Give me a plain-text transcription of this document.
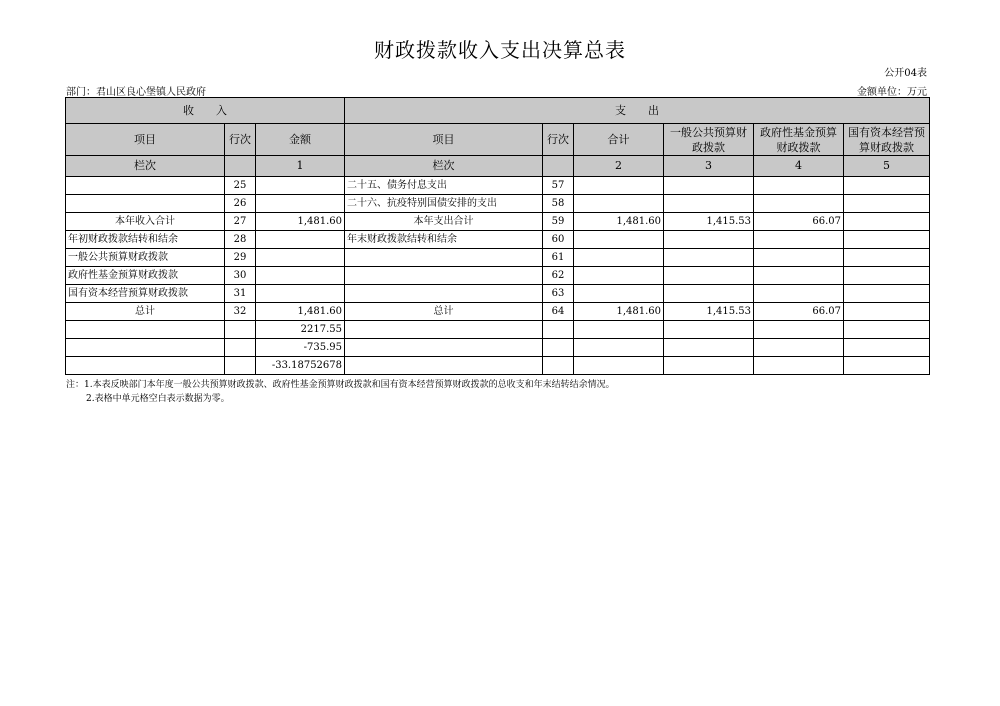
财政拨款收入支出决算总表
公开04表
部门：君山区良心堡镇人民政府	金额单位：万元
收　　入			支　　出					
项目	行次	金额	项目	行次	合计	一般公共预算财政拨款	政府性基金预算财政拨款	国有资本经营预算财政拨款
栏次		1	栏次		2	3	4	5
	25		二十五、债务付息支出	57				
	26		二十六、抗疫特别国债安排的支出	58				
本年收入合计	27	1,481.60	本年支出合计	59	1,481.60	1,415.53	66.07	
年初财政拨款结转和结余	28		年末财政拨款结转和结余	60				
一般公共预算财政拨款	29			61				
政府性基金预算财政拨款	30			62				
国有资本经营预算财政拨款	31			63				
总计	32	1,481.60	总计	64	1,481.60	1,415.53	66.07	
		2217.55						
		-735.95						
		-33.18752678						
注：1.本表反映部门本年度一般公共预算财政拨款、政府性基金预算财政拨款和国有资本经营预算财政拨款的总收支和年末结转结余情况。
2.表格中单元格空白表示数据为零。
